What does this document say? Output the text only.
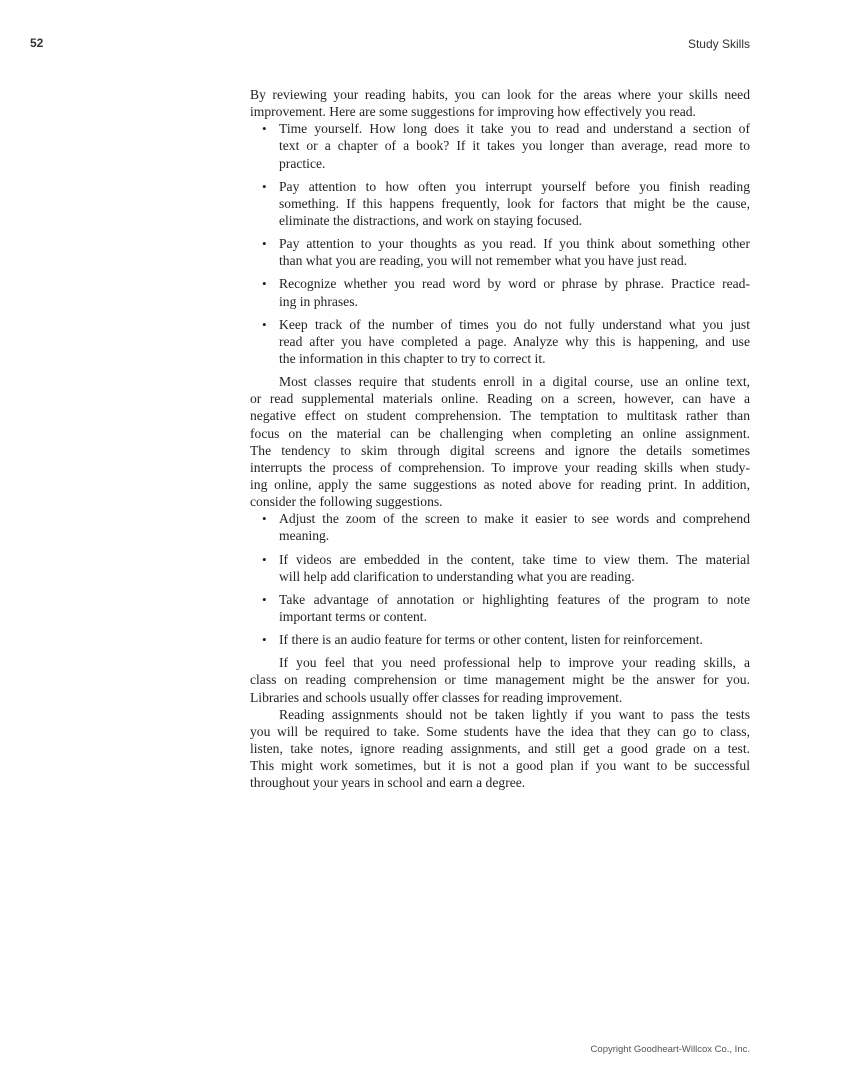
52	Study Skills
By reviewing your reading habits, you can look for the areas where your skills need
improvement. Here are some suggestions for improving how effectively you read.
• Time yourself. How long does it take you to read and understand a section of
text or a chapter of a book? If it takes you longer than average, read more to
practice.
• Pay attention to how often you interrupt yourself before you finish reading
something. If this happens frequently, look for factors that might be the cause,
eliminate the distractions, and work on staying focused.
• Pay attention to your thoughts as you read. If you think about something other
than what you are reading, you will not remember what you have just read.
• Recognize whether you read word by word or phrase by phrase. Practice read-
ing in phrases.
• Keep track of the number of times you do not fully understand what you just
read after you have completed a page. Analyze why this is happening, and use
the information in this chapter to try to correct it.
Most classes require that students enroll in a digital course, use an online text,
or read supplemental materials online. Reading on a screen, however, can have a
negative effect on student comprehension. The temptation to multitask rather than
focus on the material can be challenging when completing an online assignment.
The tendency to skim through digital screens and ignore the details sometimes
interrupts the process of comprehension. To improve your reading skills when study-
ing online, apply the same suggestions as noted above for reading print. In addition,
consider the following suggestions.
• Adjust the zoom of the screen to make it easier to see words and comprehend
meaning.
• If videos are embedded in the content, take time to view them. The material
will help add clarification to understanding what you are reading.
• Take advantage of annotation or highlighting features of the program to note
important terms or content.
• If there is an audio feature for terms or other content, listen for reinforcement.
If you feel that you need professional help to improve your reading skills, a
class on reading comprehension or time management might be the answer for you.
Libraries and schools usually offer classes for reading improvement.
Reading assignments should not be taken lightly if you want to pass the tests
you will be required to take. Some students have the idea that they can go to class,
listen, take notes, ignore reading assignments, and still get a good grade on a test.
This might work sometimes, but it is not a good plan if you want to be successful
throughout your years in school and earn a degree.
Copyright Goodheart-Willcox Co., Inc.
